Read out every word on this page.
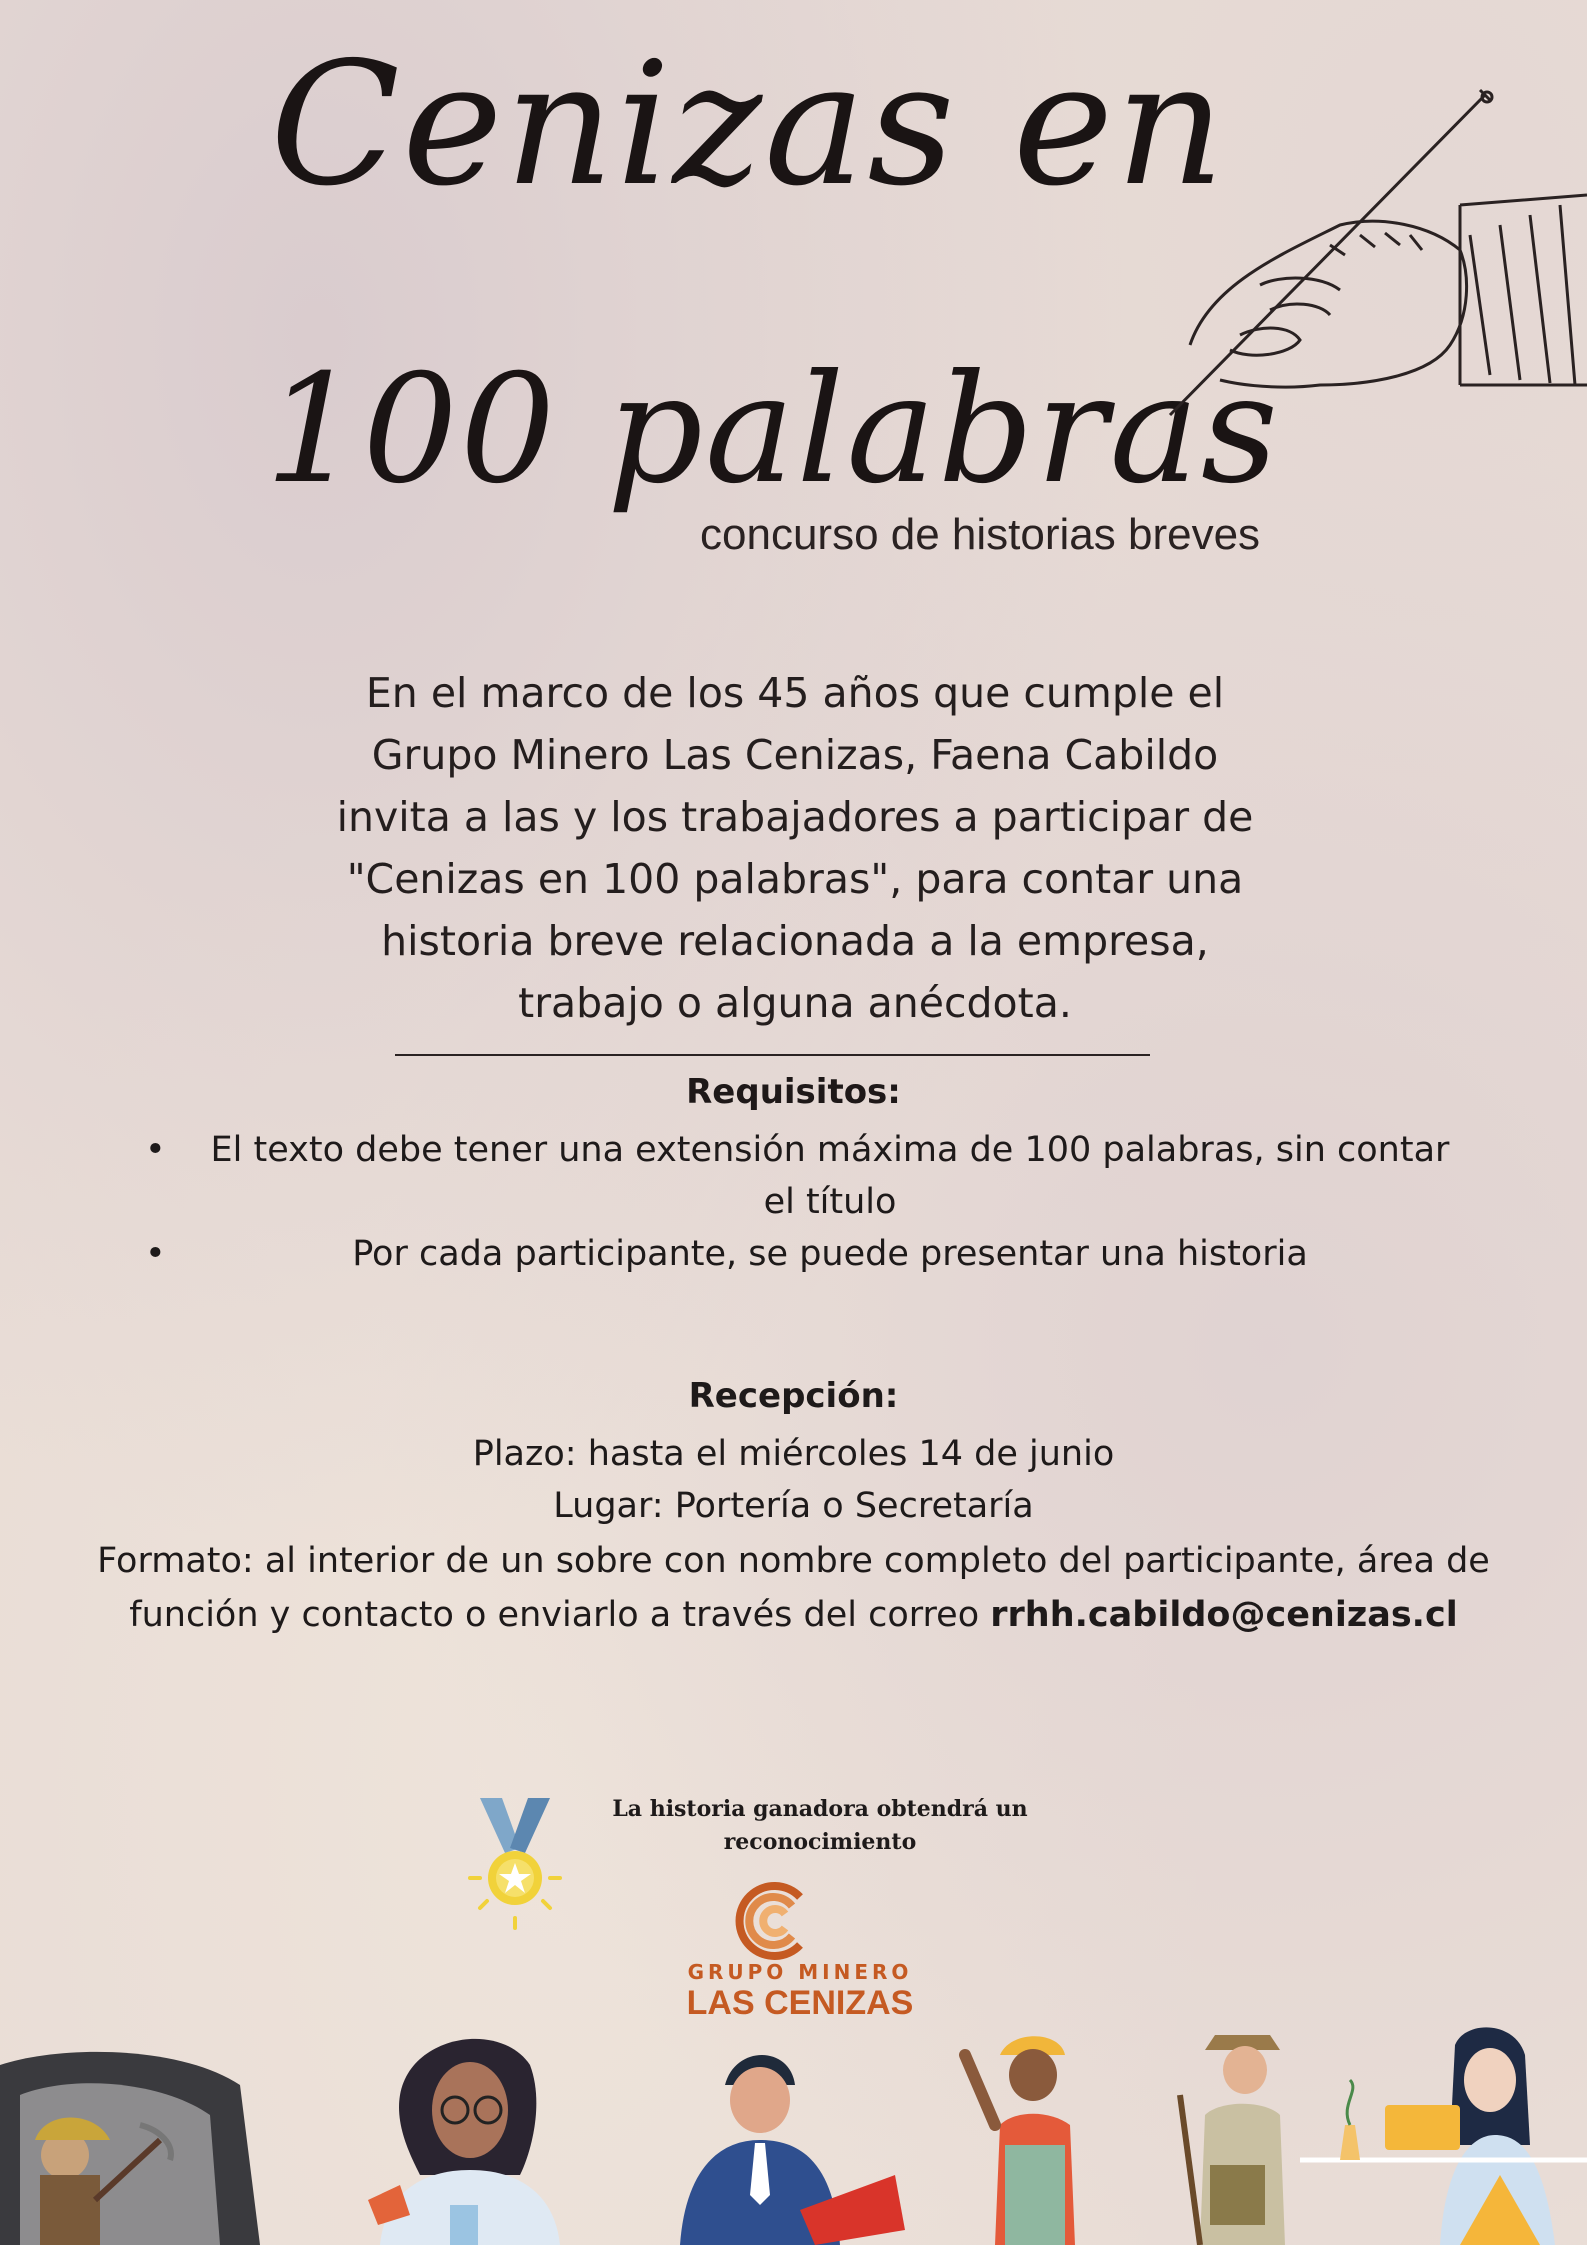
Cenizas en
100 palabras
concurso de historias breves
En el marco de los 45 años que cumple el
Grupo Minero Las Cenizas, Faena Cabildo
invita a las y los trabajadores a participar de
"Cenizas en 100 palabras", para contar una
historia breve relacionada a la empresa,
trabajo o alguna anécdota.
Requisitos:
• El texto debe tener una extensión máxima de 100 palabras, sin contar el título
•	Por cada participante, se puede presentar una historia
Recepción:
Plazo: hasta el miércoles 14 de junio
Lugar: Portería o Secretaría
Formato: al interior de un sobre con nombre completo del participante, área de función y contacto o enviarlo a través del correo rrhh.cabildo@cenizas.cl
La historia ganadora obtendrá un reconocimiento
GRUPO MINERO
LAS CENIZAS
